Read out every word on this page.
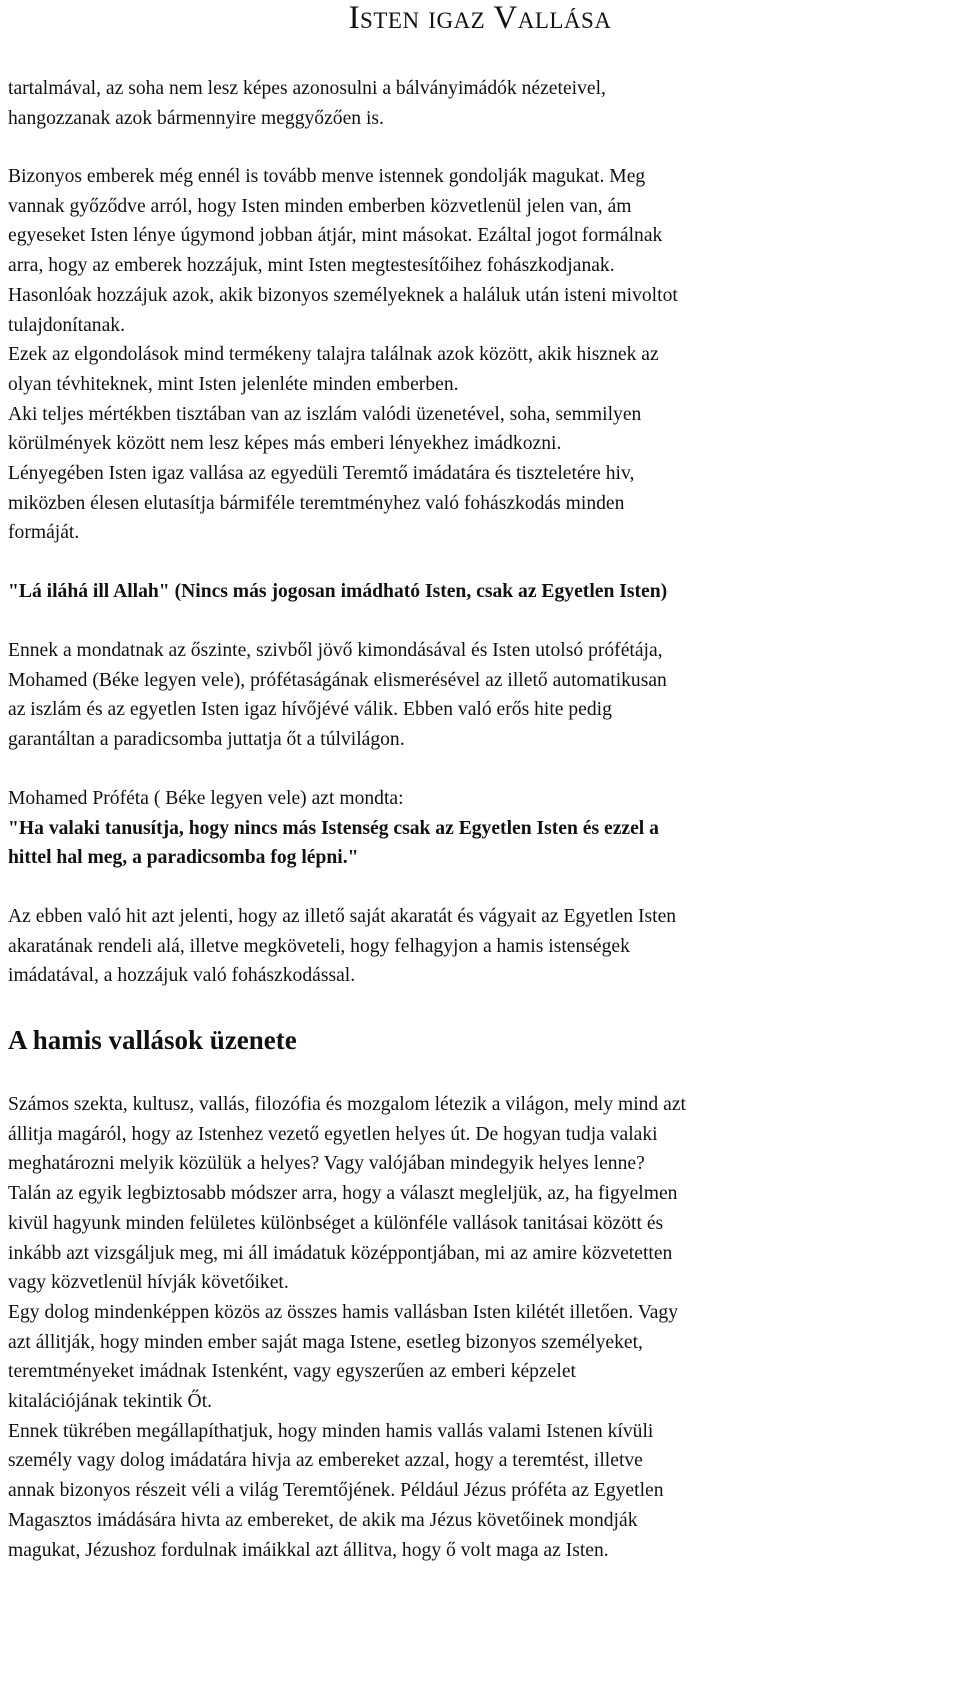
Isten igaz Vallása

tartalmával, az soha nem lesz képes azonosulni a bálványimádók nézeteivel,

hangozzanak azok bármennyire meggyőzően is.

Bizonyos emberek még ennél is tovább menve istennek gondolják magukat. Meg

vannak győződve arról, hogy Isten minden emberben közvetlenül jelen van, ám

egyeseket Isten lénye úgymond jobban átjár, mint másokat. Ezáltal jogot formálnak

arra, hogy az emberek hozzájuk, mint Isten megtestesítőihez fohászkodjanak.

Hasonlóak hozzájuk azok, akik bizonyos személyeknek a haláluk után isteni mivoltot

tulajdonítanak.

Ezek az elgondolások mind termékeny talajra találnak azok között, akik hisznek az

olyan tévhiteknek, mint Isten jelenléte minden emberben.

Aki teljes mértékben tisztában van az iszlám valódi üzenetével, soha, semmilyen

körülmények között nem lesz képes más emberi lényekhez imádkozni.

Lényegében Isten igaz vallása az egyedüli Teremtő imádatára és tiszteletére hiv,

miközben élesen elutasítja bármiféle teremtményhez való fohászkodás minden

formáját.

"Lá iláhá ill Allah" (Nincs más jogosan imádható Isten, csak az Egyetlen Isten)

Ennek a mondatnak az őszinte, szivből jövő kimondásával és Isten utolsó prófétája,

Mohamed (Béke legyen vele), prófétaságának elismerésével az illető automatikusan

az iszlám és az egyetlen Isten igaz hívőjévé válik. Ebben való erős hite pedig

garantáltan a paradicsomba juttatja őt a túlvilágon.

Mohamed Próféta ( Béke legyen vele) azt mondta:

"Ha valaki tanusítja, hogy nincs más Istenség csak az Egyetlen Isten és ezzel a

hittel hal meg, a paradicsomba fog lépni."

Az ebben való hit azt jelenti, hogy az illető saját akaratát és vágyait az Egyetlen Isten

akaratának rendeli alá, illetve megköveteli, hogy felhagyjon a hamis istenségek

imádatával, a hozzájuk való fohászkodással.

A hamis vallások üzenete

Számos szekta, kultusz, vallás, filozófia és mozgalom létezik a világon, mely mind azt

állitja magáról, hogy az Istenhez vezető egyetlen helyes út. De hogyan tudja valaki

meghatározni melyik közülük a helyes? Vagy valójában mindegyik helyes lenne?

Talán az egyik legbiztosabb módszer arra, hogy a választ megleljük, az, ha figyelmen

kivül hagyunk minden felületes különbséget a különféle vallások tanitásai között és

inkább azt vizsgáljuk meg, mi áll imádatuk középpontjában, mi az amire közvetetten

vagy közvetlenül hívják követőiket.

Egy dolog mindenképpen közös az összes hamis vallásban Isten kilétét illetően. Vagy

azt állitják, hogy minden ember saját maga Istene, esetleg bizonyos személyeket,

teremtményeket imádnak Istenként, vagy egyszerűen az emberi képzelet

kitalációjának tekintik Őt.

Ennek tükrében megállapíthatjuk, hogy minden hamis vallás valami Istenen kívüli

személy vagy dolog imádatára hivja az embereket azzal, hogy a teremtést, illetve

annak bizonyos részeit véli a világ Teremtőjének. Például Jézus próféta az Egyetlen

Magasztos imádására hivta az embereket, de akik ma Jézus követőinek mondják

magukat, Jézushoz fordulnak imáikkal azt állitva, hogy ő volt maga az Isten.
